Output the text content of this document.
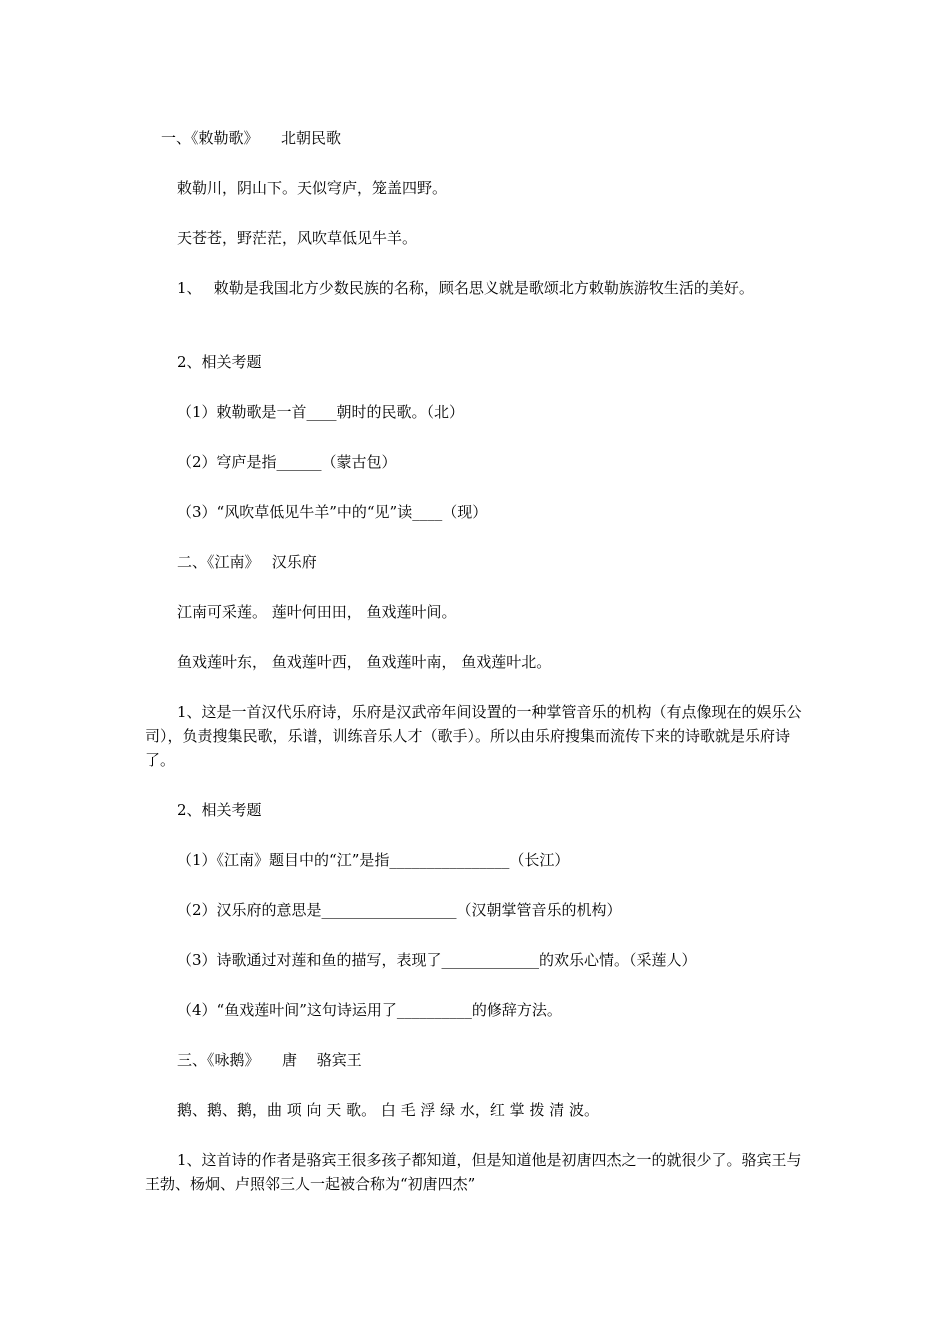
一、《敕勒歌》　　北朝民歌
敕勒川，阴山下。天似穹庐，笼盖四野。
天苍苍，野茫茫，风吹草低见牛羊。
1、　 敕勒是我国北方少数民族的名称，顾名思义就是歌颂北方敕勒族游牧生活的美好。
2、相关考题
（1）敕勒歌是一首____朝时的民歌。（北）
（2）穹庐是指______（蒙古包）
（3）“风吹草低见牛羊”中的“见”读____（现）
二、《江南》　 汉乐府
江南可采莲。 莲叶何田田， 鱼戏莲叶间。
鱼戏莲叶东， 鱼戏莲叶西， 鱼戏莲叶南， 鱼戏莲叶北。
1、这是一首汉代乐府诗，乐府是汉武帝年间设置的一种掌管音乐的机构（有点像现在的娱乐公司），负责搜集民歌，乐谱，训练音乐人才（歌手）。所以由乐府搜集而流传下来的诗歌就是乐府诗了。
2、相关考题
（1）《江南》题目中的“江”是指________________（长江）
（2）汉乐府的意思是__________________（汉朝掌管音乐的机构）
（3）诗歌通过对莲和鱼的描写，表现了_____________的欢乐心情。（采莲人）
（4）“鱼戏莲叶间”这句诗运用了__________的修辞方法。
三、《咏鹅》　　唐　 骆宾王
鹅、鹅、鹅，曲 项 向 天 歌。 白 毛 浮 绿 水，红 掌 拨 清 波。
1、这首诗的作者是骆宾王很多孩子都知道，但是知道他是初唐四杰之一的就很少了。骆宾王与王勃、杨炯、卢照邻三人一起被合称为“初唐四杰”
